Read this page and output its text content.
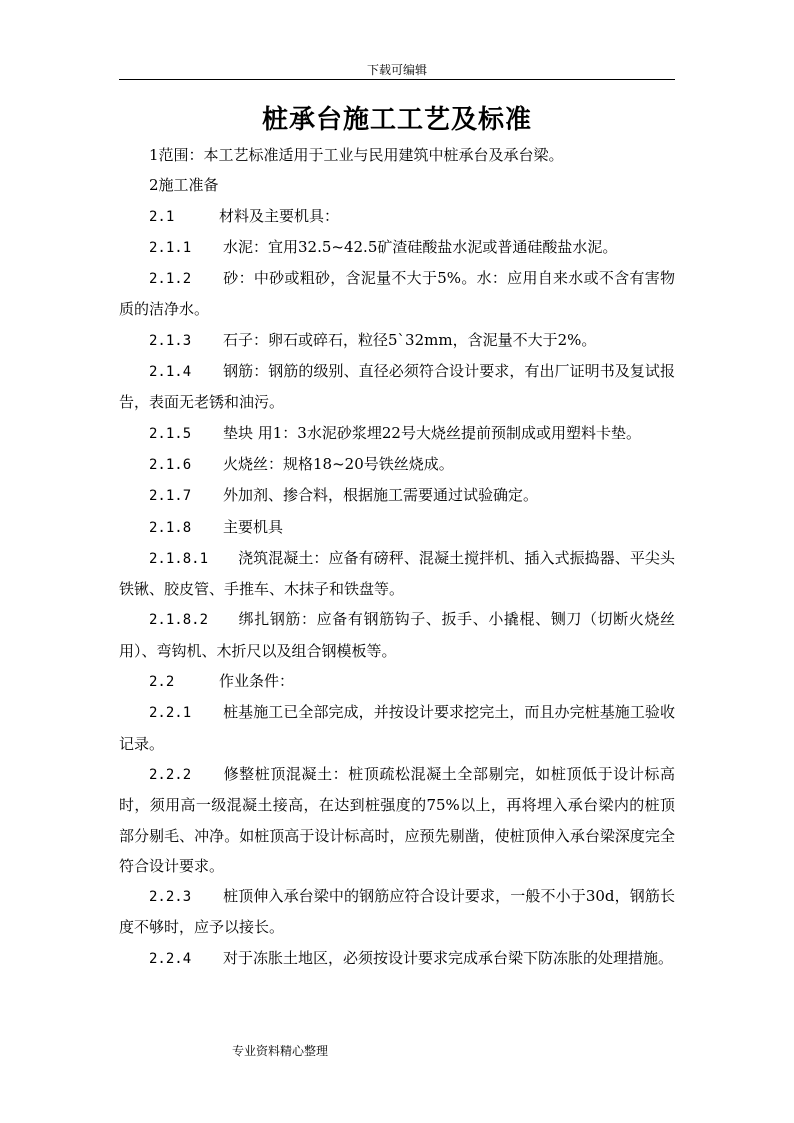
下载可编辑
桩承台施工工艺及标准

1范围：本工艺标准适用于工业与民用建筑中桩承台及承台梁。

2施工准备

2.1	材料及主要机具：

2.1.1 水泥：宜用32.5~42.5矿渣硅酸盐水泥或普通硅酸盐水泥。

2.1.2 砂：中砂或粗砂，含泥量不大于5%。水：应用自来水或不含有害物质的洁净水。

2.1.3 石子：卵石或碎石，粒径5`32mm，含泥量不大于2%。

2.1.4 钢筋：钢筋的级别、直径必须符合设计要求，有出厂证明书及复试报告，表面无老锈和油污。

2.1.5 垫块 用1：3水泥砂浆埋22号大烧丝提前预制成或用塑料卡垫。

2.1.6 火烧丝：规格18~20号铁丝烧成。

2.1.7 外加剂、掺合料，根据施工需要通过试验确定。

2.1.8 主要机具

2.1.8.1 浇筑混凝土：应备有磅秤、混凝土搅拌机、插入式振捣器、平尖头铁锹、胶皮管、手推车、木抹子和铁盘等。

2.1.8.2 绑扎钢筋：应备有钢筋钩子、扳手、小撬棍、铡刀（切断火烧丝用）、弯钩机、木折尺以及组合钢模板等。

2.2	作业条件：

2.2.1 桩基施工已全部完成，并按设计要求挖完土，而且办完桩基施工验收记录。

2.2.2 修整桩顶混凝土：桩顶疏松混凝土全部剔完，如桩顶低于设计标高时，须用高一级混凝土接高，在达到桩强度的75%以上，再将埋入承台梁内的桩顶部分剔毛、冲净。如桩顶高于设计标高时，应预先剔凿，使桩顶伸入承台梁深度完全符合设计要求。

2.2.3 桩顶伸入承台梁中的钢筋应符合设计要求，一般不小于30d，钢筋长度不够时，应予以接长。

2.2.4 对于冻胀土地区，必须按设计要求完成承台梁下防冻胀的处理措施。

专业资料精心整理
